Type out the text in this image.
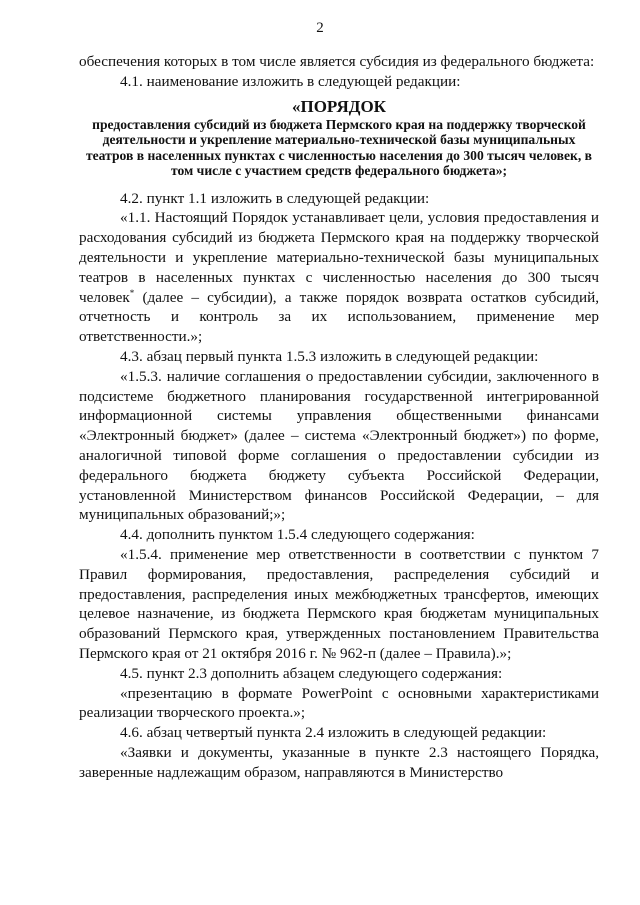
2

обеспечения которых в том числе является субсидия из федерального бюджета:

4.1. наименование изложить в следующей редакции:

«ПОРЯДОК
предоставления субсидий из бюджета Пермского края на поддержку творческой деятельности и укрепление материально-технической базы муниципальных театров в населенных пунктах с численностью населения до 300 тысяч человек, в том числе с участием средств федерального бюджета»;

4.2. пункт 1.1 изложить в следующей редакции:

«1.1. Настоящий Порядок устанавливает цели, условия предоставления и расходования субсидий из бюджета Пермского края на поддержку творческой деятельности и укрепление материально-технической базы муниципальных театров в населенных пунктах с численностью населения до 300 тысяч человек* (далее – субсидии), а также порядок возврата остатков субсидий, отчетность и контроль за их использованием, применение мер ответственности.»;

4.3. абзац первый пункта 1.5.3 изложить в следующей редакции:

«1.5.3. наличие соглашения о предоставлении субсидии, заключенного в подсистеме бюджетного планирования государственной интегрированной информационной системы управления общественными финансами «Электронный бюджет» (далее – система «Электронный бюджет») по форме, аналогичной типовой форме соглашения о предоставлении субсидии из федерального бюджета бюджету субъекта Российской Федерации, установленной Министерством финансов Российской Федерации, – для муниципальных образований;»;

4.4. дополнить пунктом 1.5.4 следующего содержания:

«1.5.4. применение мер ответственности в соответствии с пунктом 7 Правил формирования, предоставления, распределения субсидий и предоставления, распределения иных межбюджетных трансфертов, имеющих целевое назначение, из бюджета Пермского края бюджетам муниципальных образований Пермского края, утвержденных постановлением Правительства Пермского края от 21 октября 2016 г. № 962-п (далее – Правила).»;

4.5. пункт 2.3 дополнить абзацем следующего содержания:

«презентацию в формате PowerPoint с основными характеристиками реализации творческого проекта.»;

4.6. абзац четвертый пункта 2.4 изложить в следующей редакции:

«Заявки и документы, указанные в пункте 2.3 настоящего Порядка, заверенные надлежащим образом, направляются в Министерство
